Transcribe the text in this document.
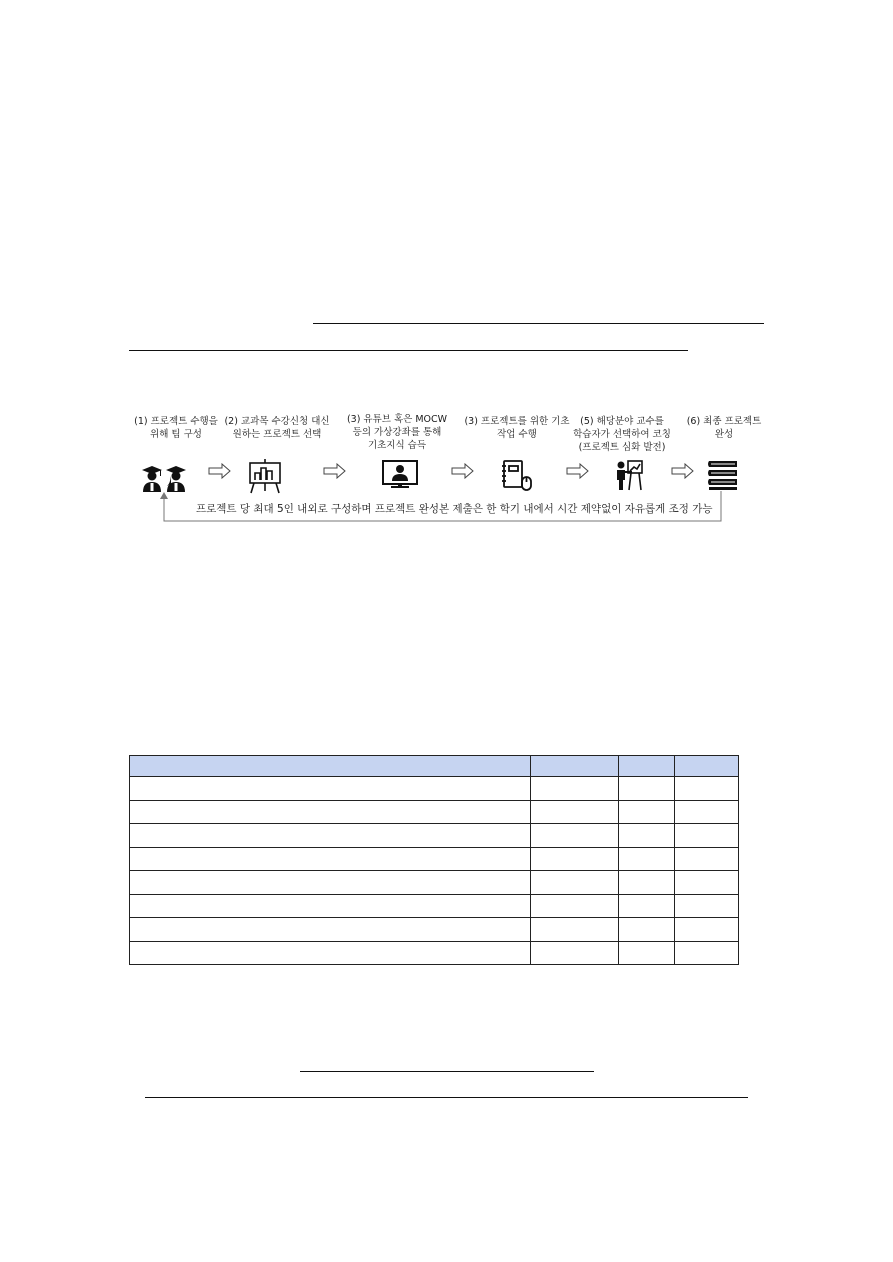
(1) 프로젝트 수행을
위해 팀 구성
(2) 교과목 수강신청 대신
원하는 프로젝트 선택
(3) 유튜브 혹은 MOCW
등의 가상강좌를 통해
기초지식 습득
(3) 프로젝트를 위한 기초
작업 수행
(5) 해당분야 교수를
학습자가 선택하여 코칭
(프로젝트 심화 발전)
(6) 최종 프로젝트
완성
프로젝트 당 최대 5인 내외로 구성하며 프로젝트 완성본 제출은 한 학기 내에서 시간 제약없이 자유롭게 조정 가능
